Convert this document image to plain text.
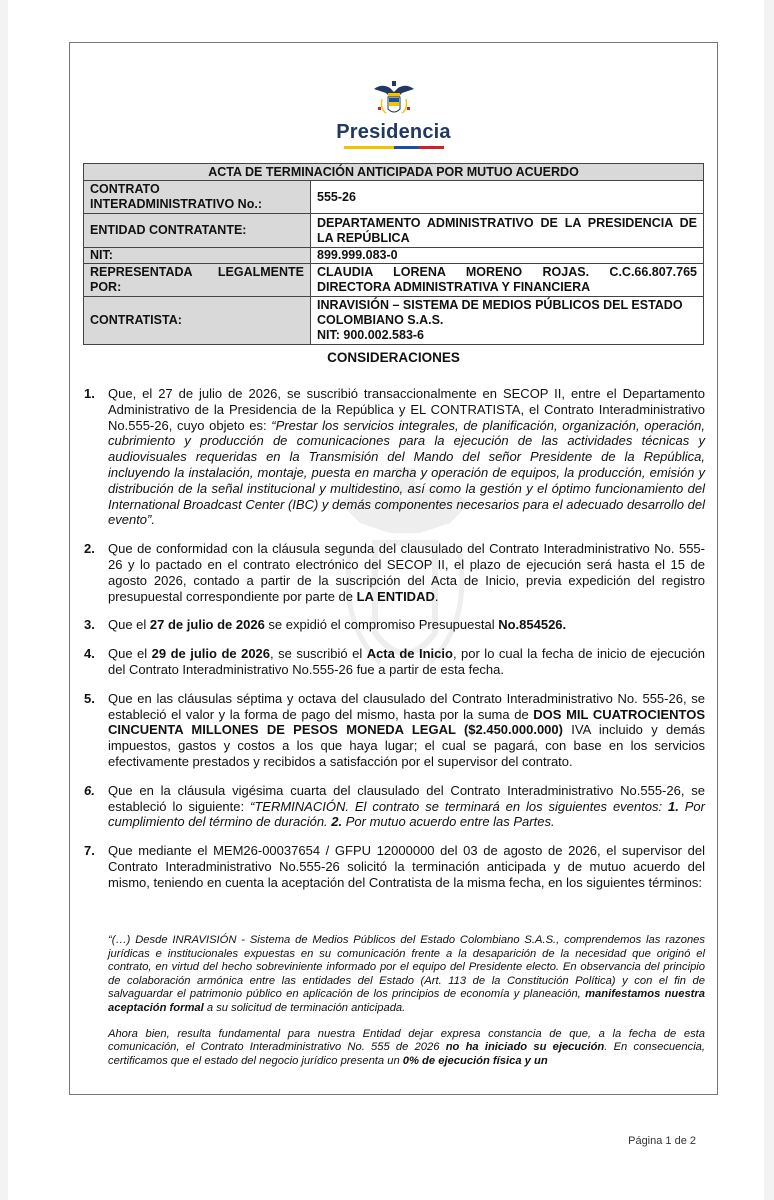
Presidencia
ACTA DE TERMINACIÓN ANTICIPADA POR MUTUO ACUERDO	

CONTRATO
INTERADMINISTRATIVO No.:	555-26
ENTIDAD CONTRATANTE:	DEPARTAMENTO ADMINISTRATIVO DE LA PRESIDENCIA DE LA REPÚBLICA
NIT:	899.999.083-0
REPRESENTADA LEGALMENTE POR:	CLAUDIA LORENA MORENO ROJAS. C.C.66.807.765
DIRECTORA ADMINISTRATIVA Y FINANCIERA

CONTRATISTA:	INRAVISIÓN – SISTEMA DE MEDIOS PÚBLICOS DEL ESTADO COLOMBIANO S.A.S.
NIT: 900.002.583-6
CONSIDERACIONES
1. Que, el 27 de julio de 2026, se suscribió transaccionalmente en SECOP II, entre el Departamento Administrativo de la Presidencia de la República y EL CONTRATISTA, el Contrato Interadministrativo No.555-26, cuyo objeto es: “Prestar los servicios integrales, de planificación, organización, operación, cubrimiento y producción de comunicaciones para la ejecución de las actividades técnicas y audiovisuales requeridas en la Transmisión del Mando del señor Presidente de la República, incluyendo la instalación, montaje, puesta en marcha y operación de equipos, la producción, emisión y distribución de la señal institucional y multidestino, así como la gestión y el óptimo funcionamiento del International Broadcast Center (IBC) y demás componentes necesarios para el adecuado desarrollo del evento”.
2. Que de conformidad con la cláusula segunda del clausulado del Contrato Interadministrativo No. 555-26 y lo pactado en el contrato electrónico del SECOP II, el plazo de ejecución será hasta el 15 de agosto 2026, contado a partir de la suscripción del Acta de Inicio, previa expedición del registro presupuestal correspondiente por parte de LA ENTIDAD.
3. Que el 27 de julio de 2026 se expidió el compromiso Presupuestal No.854526.
4. Que el 29 de julio de 2026, se suscribió el Acta de Inicio, por lo cual la fecha de inicio de ejecución del Contrato Interadministrativo No.555-26 fue a partir de esta fecha.
5. Que en las cláusulas séptima y octava del clausulado del Contrato Interadministrativo No. 555-26, se estableció el valor y la forma de pago del mismo, hasta por la suma de DOS MIL CUATROCIENTOS CINCUENTA MILLONES DE PESOS MONEDA LEGAL ($2.450.000.000) IVA incluido y demás impuestos, gastos y costos a los que haya lugar; el cual se pagará, con base en los servicios efectivamente prestados y recibidos a satisfacción por el supervisor del contrato.
6. Que en la cláusula vigésima cuarta del clausulado del Contrato Interadministrativo No.555-26, se estableció lo siguiente: “TERMINACIÓN. El contrato se terminará en los siguientes eventos: 1. Por cumplimiento del término de duración. 2. Por mutuo acuerdo entre las Partes.
7. Que mediante el MEM26-00037654 / GFPU 12000000 del 03 de agosto de 2026, el supervisor del Contrato Interadministrativo No.555-26 solicitó la terminación anticipada y de mutuo acuerdo del mismo, teniendo en cuenta la aceptación del Contratista de la misma fecha, en los siguientes términos:

“(…) Desde INRAVISIÓN - Sistema de Medios Públicos del Estado Colombiano S.A.S., comprendemos las razones jurídicas e institucionales expuestas en su comunicación frente a la desaparición de la necesidad que originó el contrato, en virtud del hecho sobreviniente informado por el equipo del Presidente electo. En observancia del principio de colaboración armónica entre las entidades del Estado (Art. 113 de la Constitución Política) y con el fin de salvaguardar el patrimonio público en aplicación de los principios de economía y planeación, manifestamos nuestra aceptación formal a su solicitud de terminación anticipada.

Ahora bien, resulta fundamental para nuestra Entidad dejar expresa constancia de que, a la fecha de esta comunicación, el Contrato Interadministrativo No. 555 de 2026 no ha iniciado su ejecución. En consecuencia, certificamos que el estado del negocio jurídico presenta un 0% de ejecución física y un

Página 1 de 2
